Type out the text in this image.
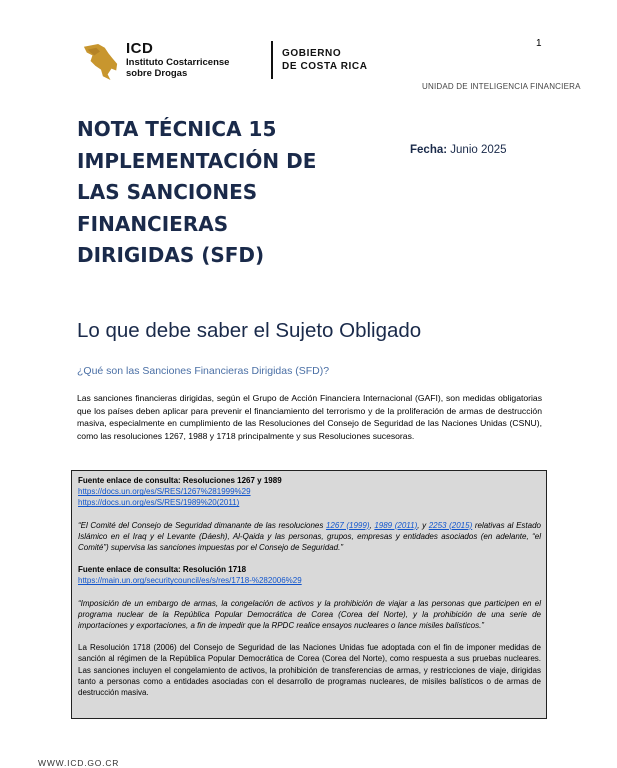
1
ICD
Instituto Costarricense
sobre Drogas
GOBIERNO
DE COSTA RICA
UNIDAD DE INTELIGENCIA FINANCIERA
NOTA TÉCNICA 15
IMPLEMENTACIÓN DE
LAS SANCIONES
FINANCIERAS
DIRIGIDAS (SFD)
Fecha: Junio 2025
Lo que debe saber el Sujeto Obligado
¿Qué son las Sanciones Financieras Dirigidas (SFD)?

Las sanciones financieras dirigidas, según el Grupo de Acción Financiera Internacional (GAFI), son medidas obligatorias que los países deben aplicar para prevenir el financiamiento del terrorismo y de la proliferación de armas de destrucción masiva, especialmente en cumplimiento de las Resoluciones del Consejo de Seguridad de las Naciones Unidas (CSNU), como las resoluciones 1267, 1988 y 1718 principalmente y sus Resoluciones sucesoras.

Fuente enlace de consulta: Resoluciones 1267 y 1989
https://docs.un.org/es/S/RES/1267%281999%29
https://docs.un.org/es/S/RES/1989%20(2011)
“El Comité del Consejo de Seguridad dimanante de las resoluciones 1267 (1999), 1989 (2011), y 2253 (2015) relativas al Estado Islámico en el Iraq y el Levante (Dáesh), Al-Qaida y las personas, grupos, empresas y entidades asociados (en adelante, “el Comité”) supervisa las sanciones impuestas por el Consejo de Seguridad.”
Fuente enlace de consulta: Resolución 1718
https://main.un.org/securitycouncil/es/s/res/1718-%282006%29
“Imposición de un embargo de armas, la congelación de activos y la prohibición de viajar a las personas que participen en el programa nuclear de la República Popular Democrática de Corea (Corea del Norte), y la prohibición de una serie de importaciones y exportaciones, a fin de impedir que la RPDC realice ensayos nucleares o lance misiles balísticos.”
La Resolución 1718 (2006) del Consejo de Seguridad de las Naciones Unidas fue adoptada con el fin de imponer medidas de sanción al régimen de la República Popular Democrática de Corea (Corea del Norte), como respuesta a sus pruebas nucleares. Las sanciones incluyen el congelamiento de activos, la prohibición de transferencias de armas, y restricciones de viaje, dirigidas tanto a personas como a entidades asociadas con el desarrollo de programas nucleares, de misiles balísticos o de armas de destrucción masiva.
WWW.ICD.GO.CR
